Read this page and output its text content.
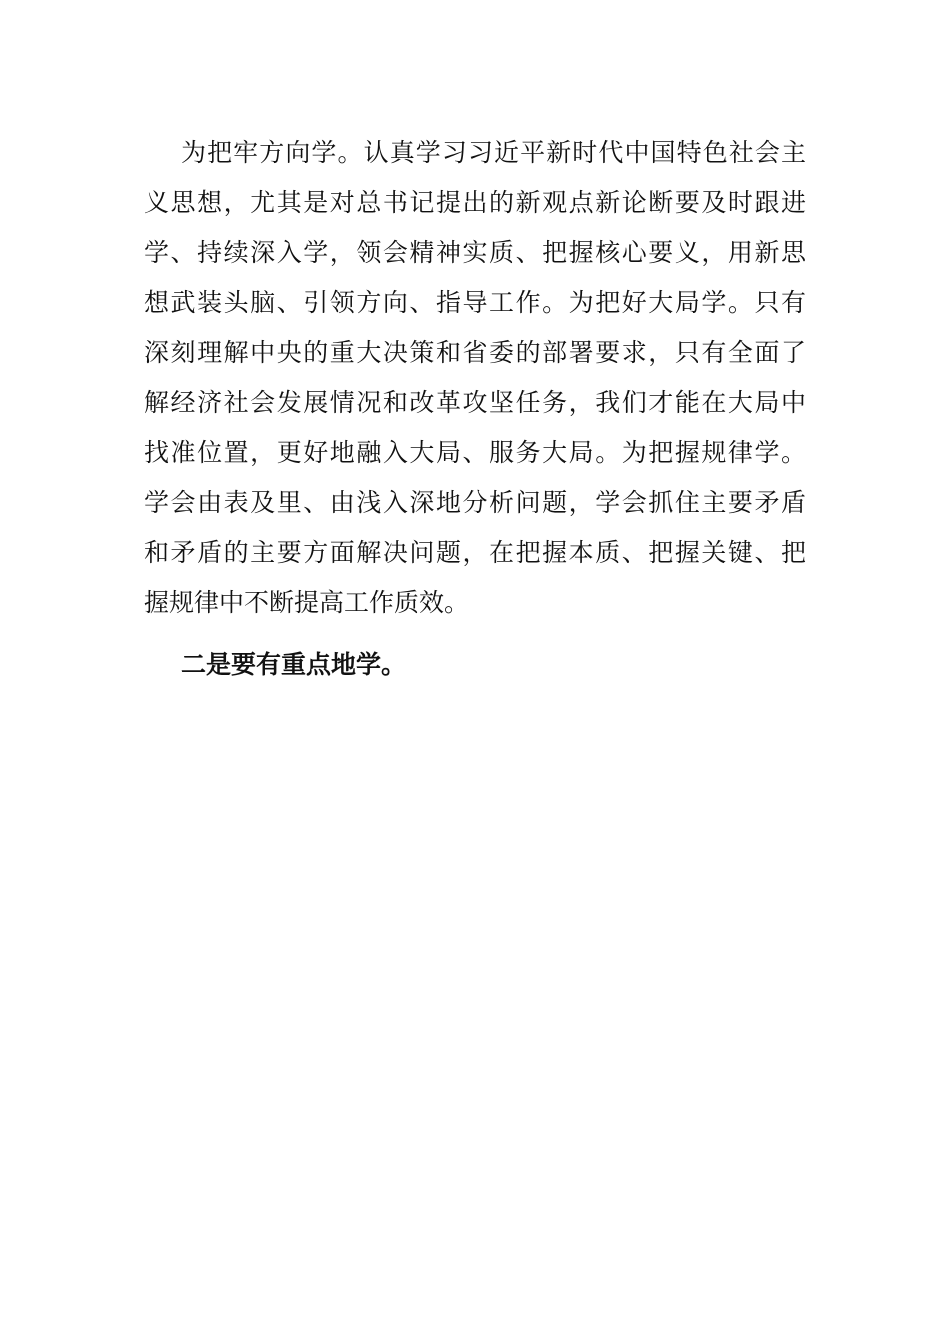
为把牢方向学。认真学习习近平新时代中国特色社会主
义思想，尤其是对总书记提出的新观点新论断要及时跟进
学、持续深入学，领会精神实质、把握核心要义，用新思
想武装头脑、引领方向、指导工作。为把好大局学。只有
深刻理解中央的重大决策和省委的部署要求，只有全面了
解经济社会发展情况和改革攻坚任务，我们才能在大局中
找准位置，更好地融入大局、服务大局。为把握规律学。
学会由表及里、由浅入深地分析问题，学会抓住主要矛盾
和矛盾的主要方面解决问题，在把握本质、把握关键、把
握规律中不断提高工作质效。
二是要有重点地学。
